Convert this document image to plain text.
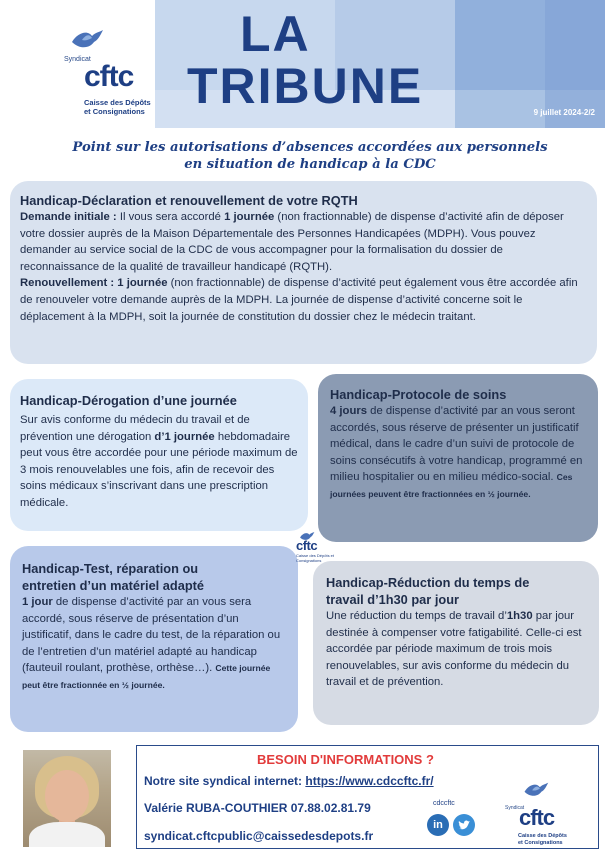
Syndicat
cftc
Caisse des Dépôts
et Consignations
LA
TRIBUNE	9 juillet 2024-2/2
Point sur les autorisations d’absences accordées aux personnels
en situation de handicap à la CDC
Handicap-Déclaration et renouvellement de votre RQTH

Demande initiale : Il vous sera accordé 1 journée (non fractionnable) de dispense d’activité afin de déposer votre dossier auprès de la Maison Départementale des Personnes Handicapées (MDPH). Vous pouvez demander au service social de la CDC de vous accompagner pour la formalisation du dossier de reconnaissance de la qualité de travailleur handicapé (RQTH).

Renouvellement : 1 journée (non fractionnable) de dispense d’activité peut également vous être accordée afin de renouveler votre demande auprès de la MDPH. La journée de dispense d’activité concerne soit le déplacement à la MDPH, soit la journée de constitution du dossier chez le médecin traitant.

Handicap-Dérogation d’une journée

Sur avis conforme du médecin du travail et de prévention une dérogation d’1 journée hebdomadaire peut vous être accordée pour une période maximum de 3 mois renouvelables une fois, afin de recevoir des soins médicaux s’inscrivant dans une prescription médicale.

Handicap-Protocole de soins

4 jours de dispense d’activité par an vous seront accordés, sous réserve de présenter un justificatif médical, dans le cadre d’un suivi de protocole de soins consécutifs à votre handicap, programmé en milieu hospitalier ou en milieu médico-social. Ces journées peuvent être fractionnées en ½ journée.

Handicap-Test, réparation ou
entretien d’un matériel adapté

1 jour de dispense d’activité par an vous sera accordé, sous réserve de présentation d’un justificatif, dans le cadre du test, de la réparation ou de l’entretien d’un matériel adapté au handicap (fauteuil roulant, prothèse, orthèse…). Cette journée peut être fractionnée en ½ journée.

Handicap-Réduction du temps de
travail d’1h30 par jour

Une réduction du temps de travail d’1h30 par jour destinée à compenser votre fatigabilité. Celle-ci est accordée par période maximum de trois mois renouvelables, sur avis conforme du médecin du travail et de prévention.

cftc
Caisse des Dépôts et Consignations
BESOIN D'INFORMATIONS ?
Notre site syndical internet: https://www.cdccftc.fr/
Valérie RUBA-COUTHIER 07.88.02.81.79
syndicat.cftcpublic@caissedesdepots.fr
cdccftc
in
Syndicat
cftc
Caisse des Dépôts
et Consignations
